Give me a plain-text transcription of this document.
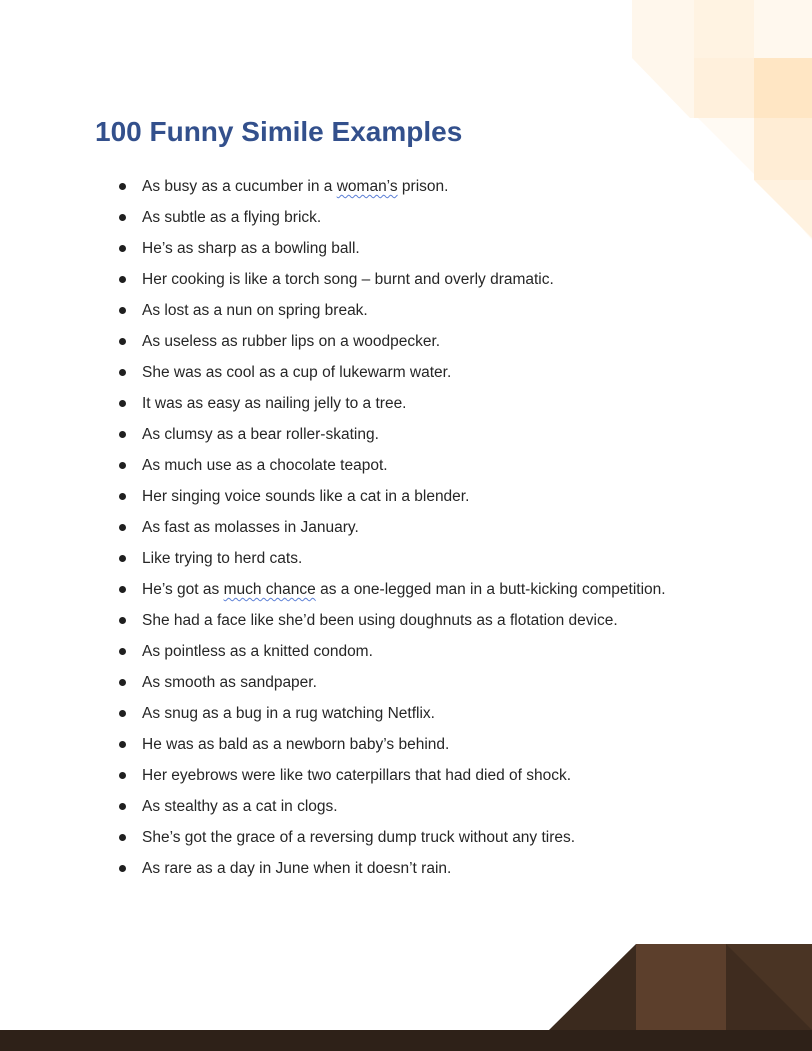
100 Funny Simile Examples
As busy as a cucumber in a woman’s prison.
As subtle as a flying brick.
He’s as sharp as a bowling ball.
Her cooking is like a torch song – burnt and overly dramatic.
As lost as a nun on spring break.
As useless as rubber lips on a woodpecker.
She was as cool as a cup of lukewarm water.
It was as easy as nailing jelly to a tree.
As clumsy as a bear roller-skating.
As much use as a chocolate teapot.
Her singing voice sounds like a cat in a blender.
As fast as molasses in January.
Like trying to herd cats.
He’s got as much chance as a one-legged man in a butt-kicking competition.
She had a face like she’d been using doughnuts as a flotation device.
As pointless as a knitted condom.
As smooth as sandpaper.
As snug as a bug in a rug watching Netflix.
He was as bald as a newborn baby’s behind.
Her eyebrows were like two caterpillars that had died of shock.
As stealthy as a cat in clogs.
She’s got the grace of a reversing dump truck without any tires.
As rare as a day in June when it doesn’t rain.
